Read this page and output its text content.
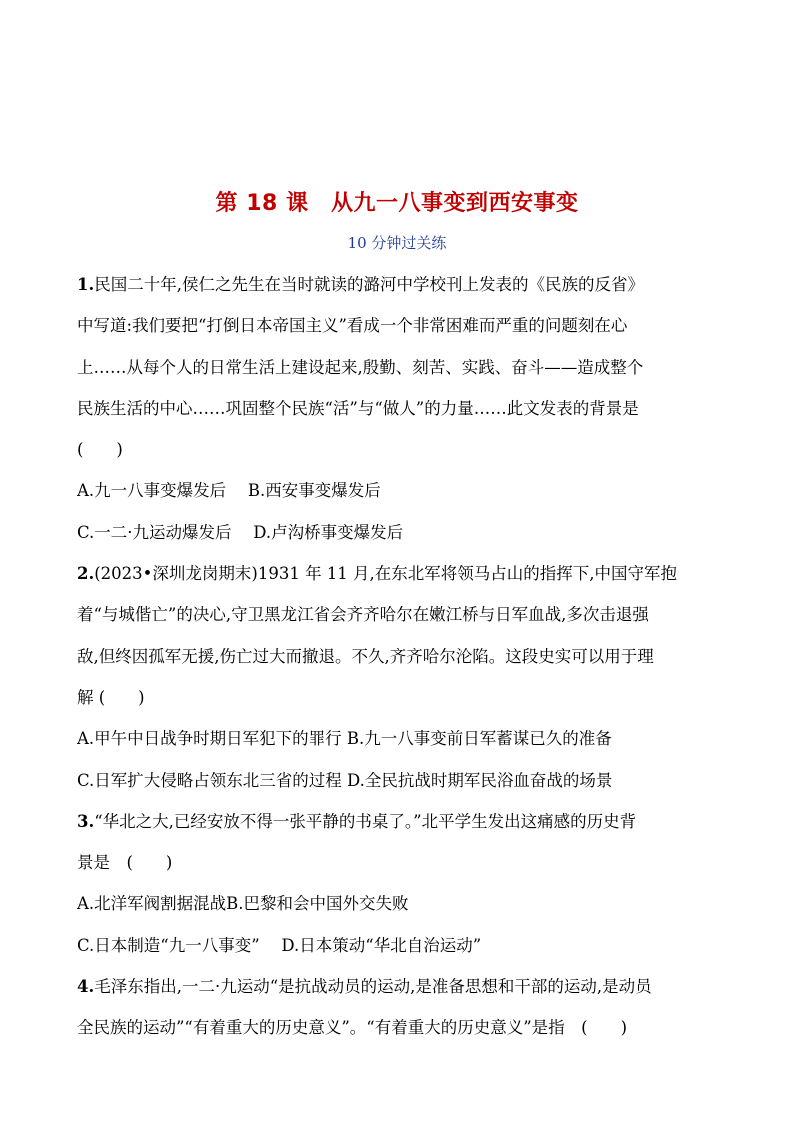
第 18 课　从九一八事变到西安事变
10 分钟过关练
1.民国二十年,侯仁之先生在当时就读的潞河中学校刊上发表的《民族的反省》
中写道:我们要把“打倒日本帝国主义”看成一个非常困难而严重的问题刻在心
上……从每个人的日常生活上建设起来,殷勤、刻苦、实践、奋斗——造成整个
民族生活的中心……巩固整个民族“活”与“做人”的力量……此文发表的背景是
(　　)
A.九一八事变爆发后　 B.西安事变爆发后
C.一二·九运动爆发后　 D.卢沟桥事变爆发后
2.(2023•深圳龙岗期末)1931 年 11 月,在东北军将领马占山的指挥下,中国守军抱
着“与城偕亡”的决心,守卫黑龙江省会齐齐哈尔在嫩江桥与日军血战,多次击退强
敌,但终因孤军无援,伤亡过大而撤退。不久,齐齐哈尔沦陷。这段史实可以用于理
解 (　　)
A.甲午中日战争时期日军犯下的罪行 B.九一八事变前日军蓄谋已久的准备
C.日军扩大侵略占领东北三省的过程 D.全民抗战时期军民浴血奋战的场景
3.“华北之大,已经安放不得一张平静的书桌了。”北平学生发出这痛感的历史背
景是　(　　)
A.北洋军阀割据混战B.巴黎和会中国外交失败
C.日本制造“九一八事变”　 D.日本策动“华北自治运动”
4.毛泽东指出,一二·九运动“是抗战动员的运动,是准备思想和干部的运动,是动员
全民族的运动”“有着重大的历史意义”。“有着重大的历史意义”是指　(　　)
